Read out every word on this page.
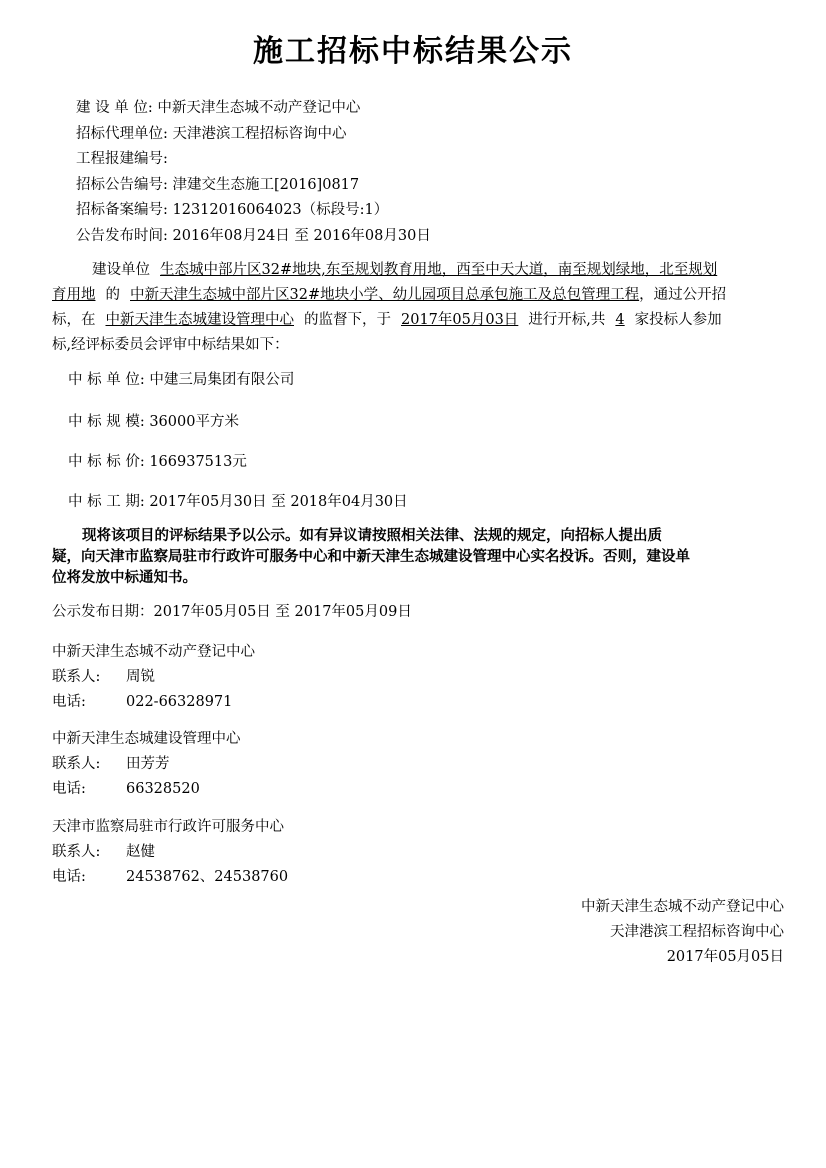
施工招标中标结果公示
建 设 单 位: 中新天津生态城不动产登记中心
招标代理单位: 天津港滨工程招标咨询中心
工程报建编号:
招标公告编号: 津建交生态施工[2016]0817
招标备案编号: 12312016064023（标段号:1）
公告发布时间: 2016年08月24日 至 2016年08月30日
建设单位 生态城中部片区32#地块,东至规划教育用地，西至中天大道，南至规划绿地，北至规划
育用地 的 中新天津生态城中部片区32#地块小学、幼儿园项目总承包施工及总包管理工程，通过公开招
标，在 中新天津生态城建设管理中心 的监督下，于 2017年05月03日 进行开标,共 4 家投标人参加
标,经评标委员会评审中标结果如下：
中 标 单 位: 中建三局集团有限公司
中 标 规 模: 36000平方米
中 标 标 价: 166937513元
中 标 工 期: 2017年05月30日 至 2018年04月30日
现将该项目的评标结果予以公示。如有异议请按照相关法律、法规的规定，向招标人提出质
疑，向天津市监察局驻市行政许可服务中心和中新天津生态城建设管理中心实名投诉。否则，建设单
位将发放中标通知书。
公示发布日期：2017年05月05日 至 2017年05月09日
中新天津生态城不动产登记中心
联系人: 周锐
电话:	022-66328971
中新天津生态城建设管理中心
联系人: 田芳芳
电话:	66328520
天津市监察局驻市行政许可服务中心
联系人: 赵健
电话:	24538762、24538760
中新天津生态城不动产登记中心
天津港滨工程招标咨询中心
2017年05月05日
